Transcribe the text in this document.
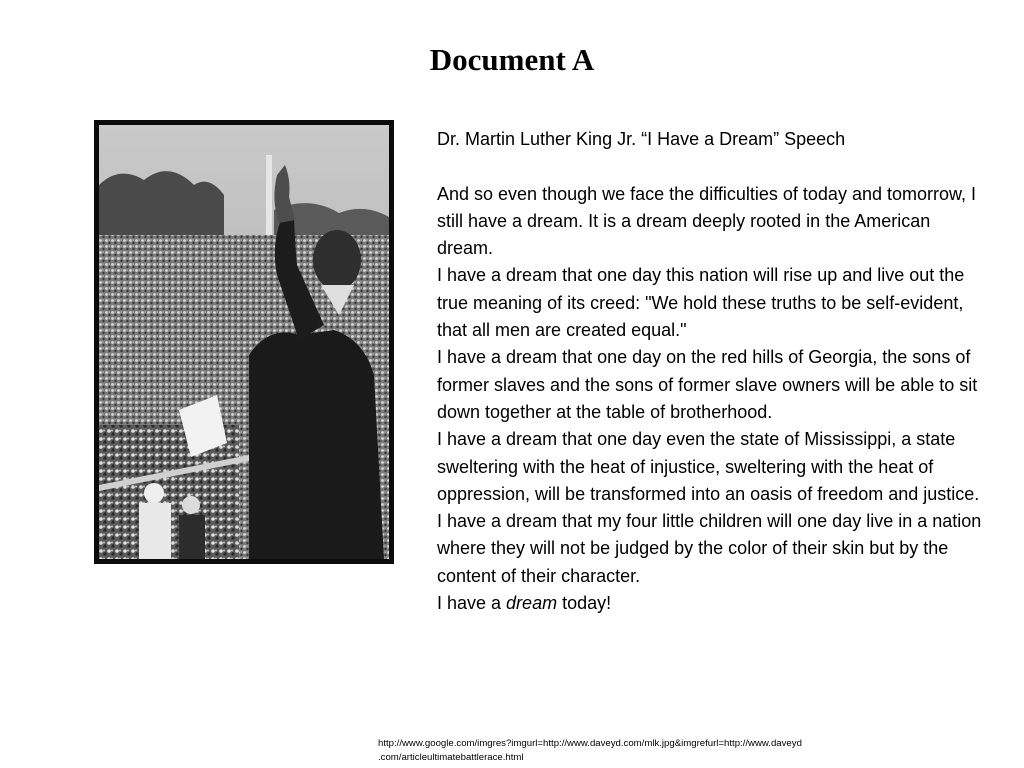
Document A

Dr. Martin Luther King Jr. “I Have a Dream” Speech

And so even though we face the difficulties of today and tomorrow, I still have a dream. It is a dream deeply rooted in the American dream.

I have a dream that one day this nation will rise up and live out the true meaning of its creed: "We hold these truths to be self-evident, that all men are created equal."

I have a dream that one day on the red hills of Georgia, the sons of former slaves and the sons of former slave owners will be able to sit down together at the table of brotherhood.

I have a dream that one day even the state of Mississippi, a state sweltering with the heat of injustice, sweltering with the heat of oppression, will be transformed into an oasis of freedom and justice.

I have a dream that my four little children will one day live in a nation where they will not be judged by the color of their skin but by the content of their character.

I have a dream today!

http://www.google.com/imgres?imgurl=http://www.daveyd.com/mlk.jpg&imgrefurl=http://www.daveyd
.com/articleultimatebattlerace.html
